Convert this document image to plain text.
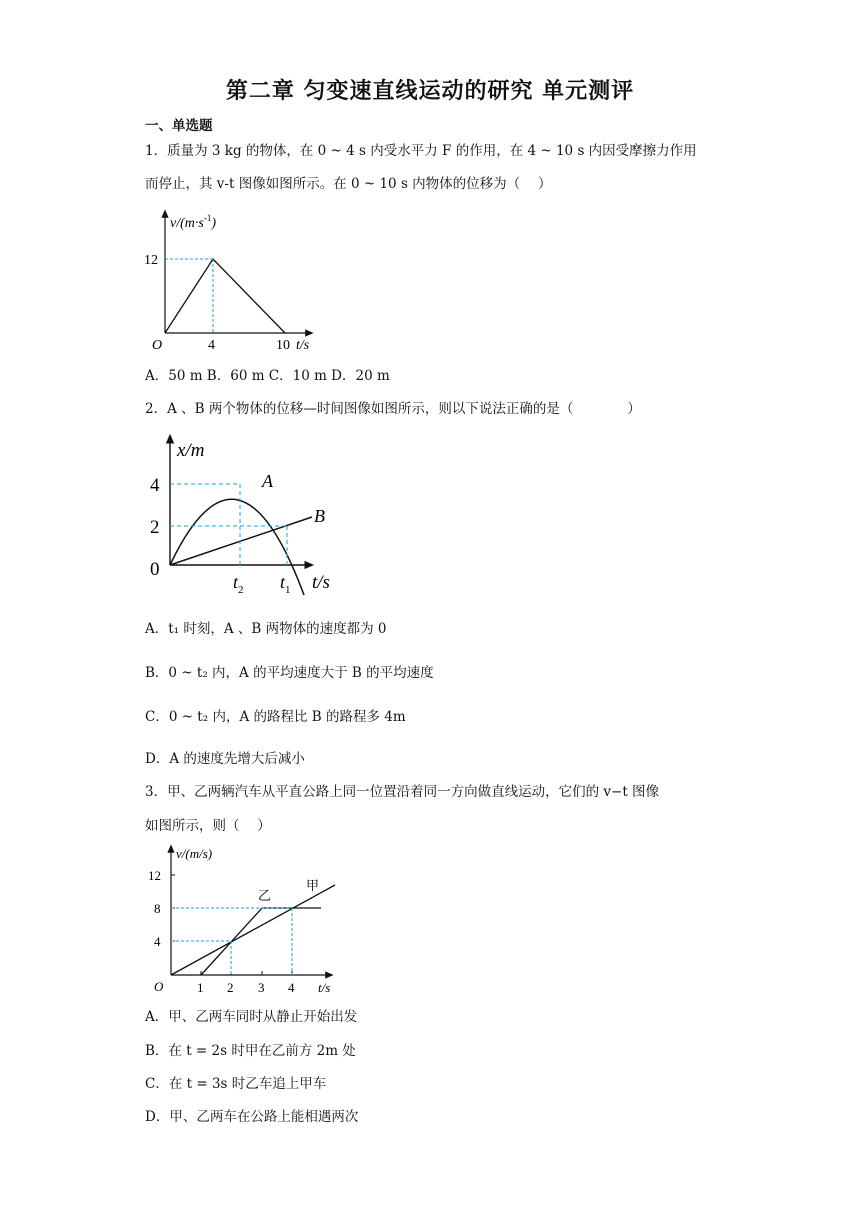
第二章 匀变速直线运动的研究 单元测评
一、单选题
1．质量为 3 kg 的物体，在 0 ~ 4 s 内受水平力 F 的作用，在 4 ~ 10 s 内因受摩擦力作用
而停止，其 v-t 图像如图所示。在 0 ~ 10 s 内物体的位移为（　 ）
$v/(m\cdot s^{-1})$
12
O	4	10 t/s
A．50 m B．60 m C．10 m D．20 m
2．A 、B 两个物体的位移—时间图像如图所示，则以下说法正确的是（　　　　）
x/m
4
2
0
A
B
$t_2$ $t_1$ t/s
A．t₁ 时刻，A 、B 两物体的速度都为 0
B．0 ~ t₂ 内，A 的平均速度大于 B 的平均速度
C．0 ~ t₂ 内，A 的路程比 B 的路程多 4m
D．A 的速度先增大后减小
3．甲、乙两辆汽车从平直公路上同一位置沿着同一方向做直线运动，它们的 v−t 图像
如图所示，则（　 ）
v/(m/s)
12
8
4
O	1 2 3 4 t/s
甲
乙
A．甲、乙两车同时从静止开始出发
B．在 t = 2s 时甲在乙前方 2m 处
C．在 t = 3s 时乙车追上甲车
D．甲、乙两车在公路上能相遇两次
